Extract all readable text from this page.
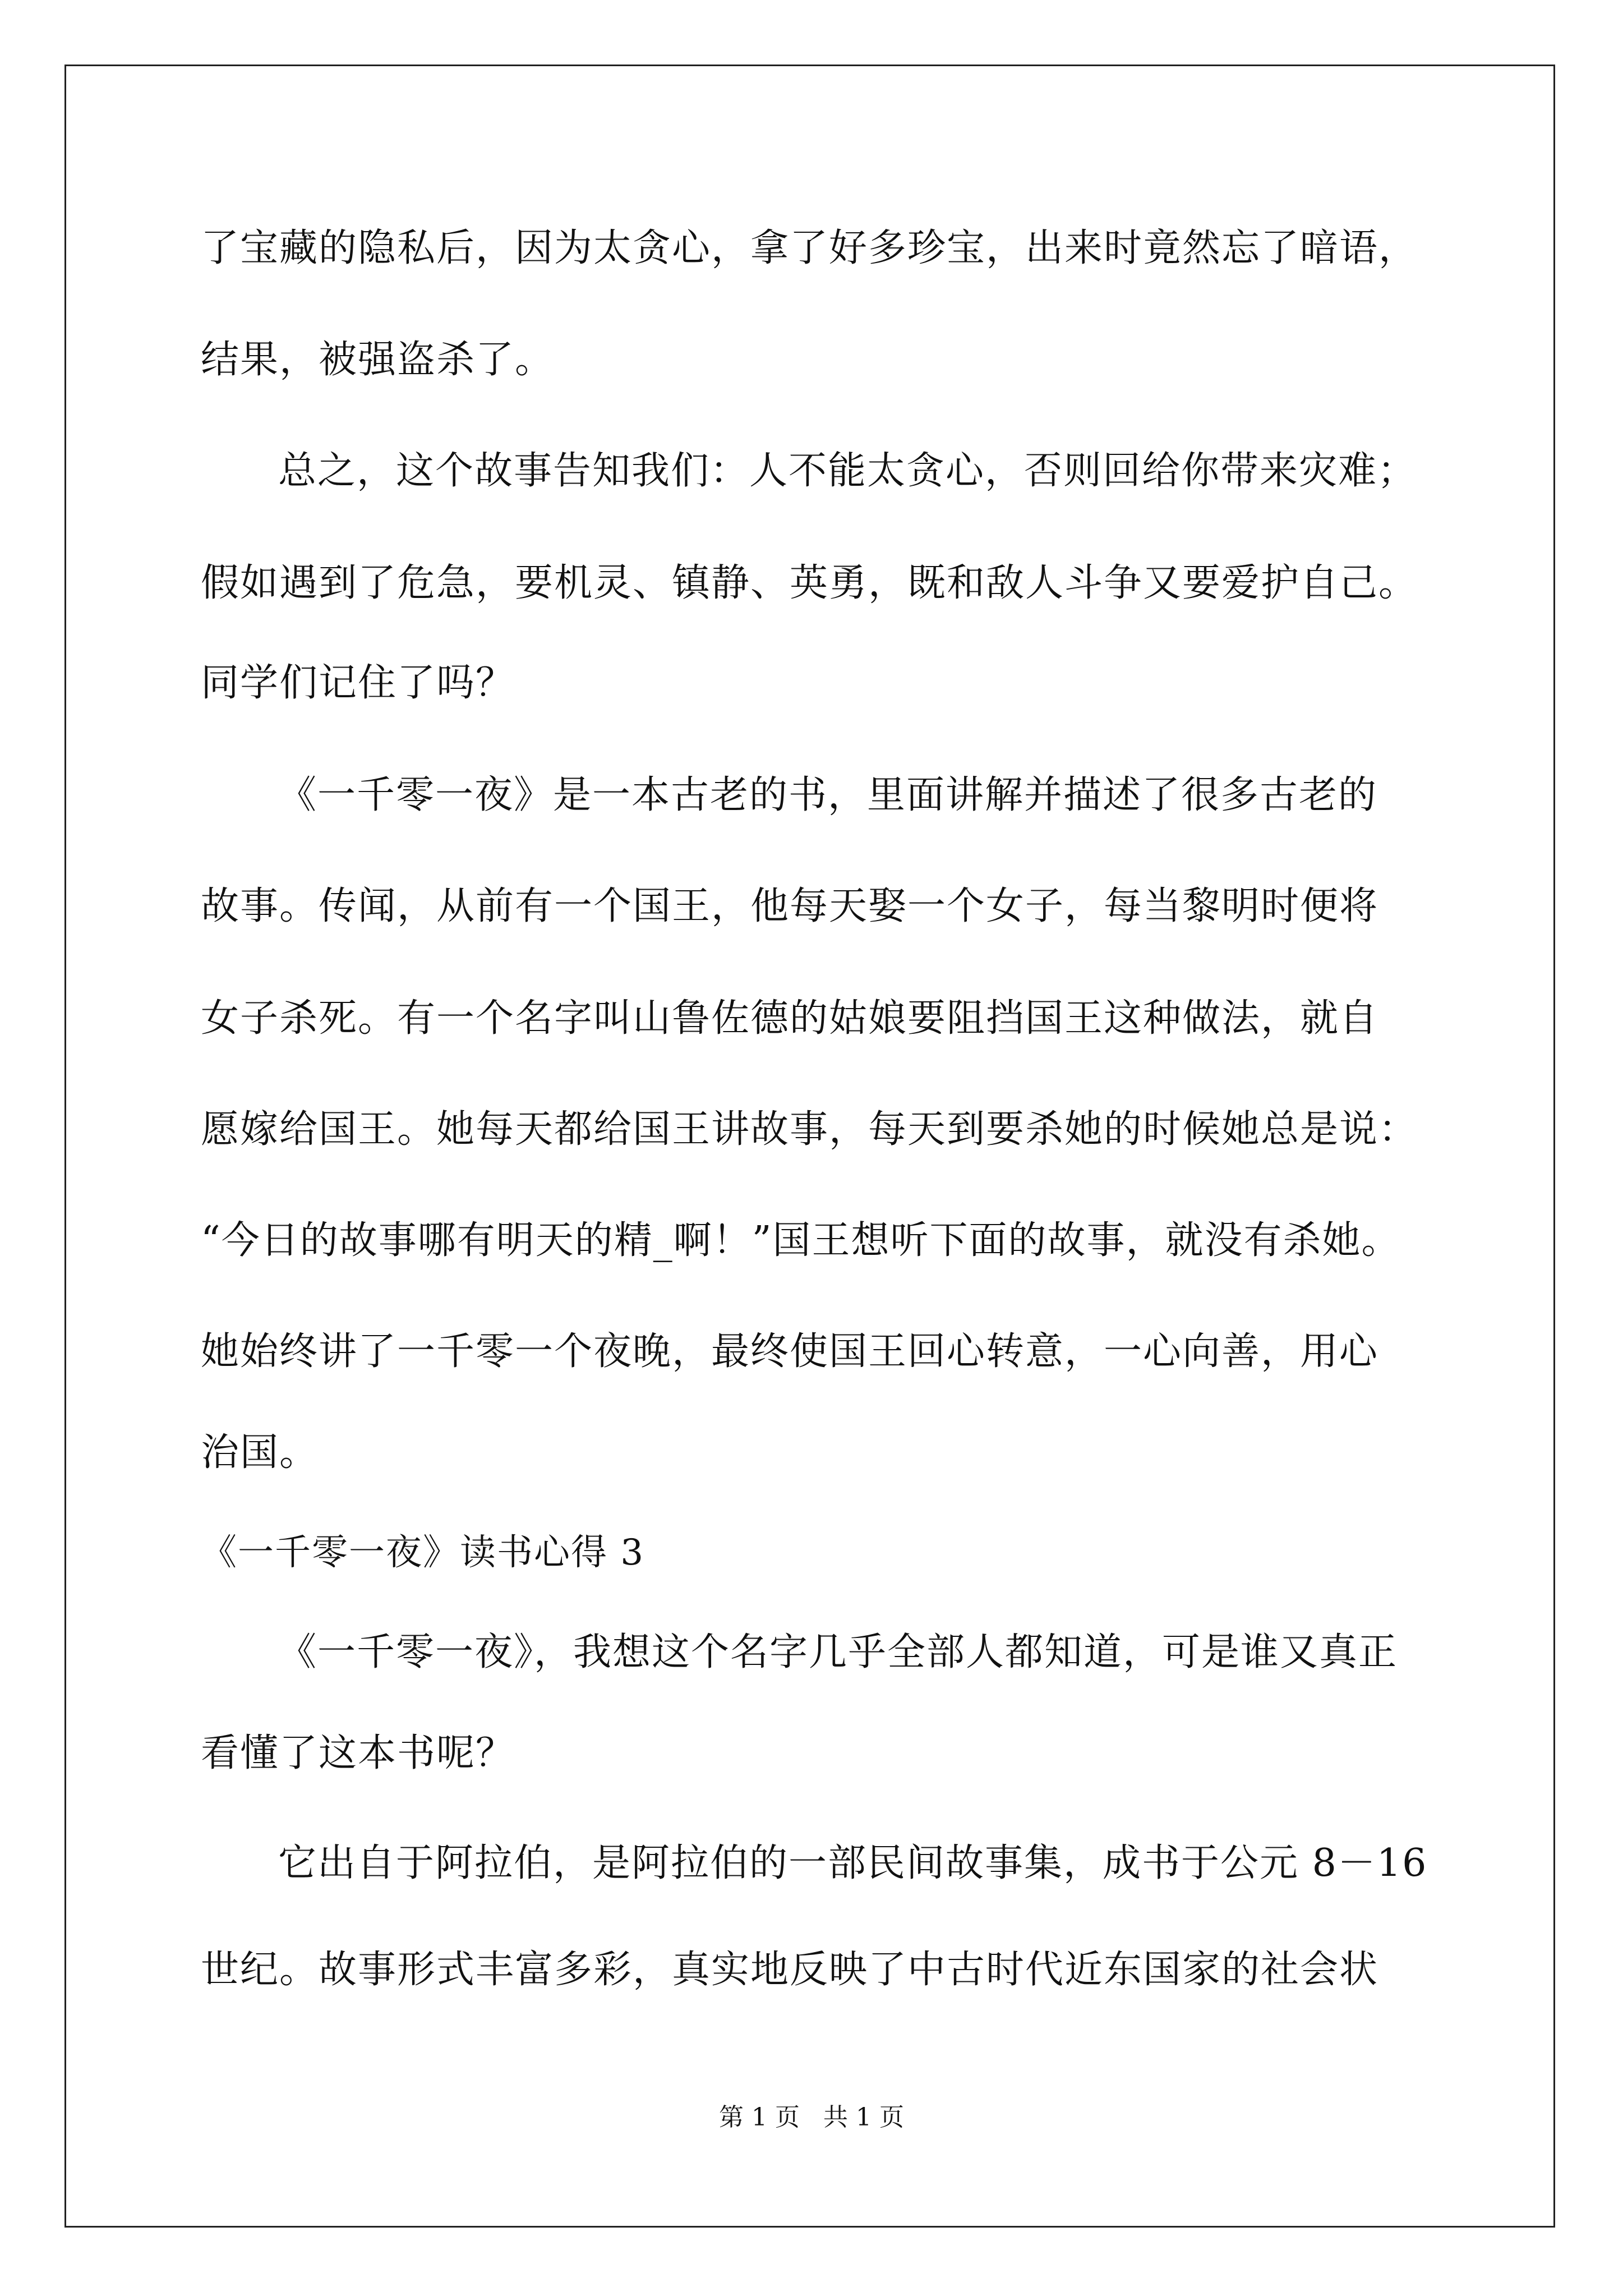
了宝藏的隐私后，因为太贪心，拿了好多珍宝，出来时竟然忘了暗语，
结果，被强盗杀了。
总之，这个故事告知我们：人不能太贪心，否则回给你带来灾难；
假如遇到了危急，要机灵、镇静、英勇，既和敌人斗争又要爱护自己。
同学们记住了吗？
《一千零一夜》是一本古老的书，里面讲解并描述了很多古老的
故事。传闻，从前有一个国王，他每天娶一个女子，每当黎明时便将
女子杀死。有一个名字叫山鲁佐德的姑娘要阻挡国王这种做法，就自
愿嫁给国王。她每天都给国王讲故事，每天到要杀她的时候她总是说：
“今日的故事哪有明天的精_啊！”国王想听下面的故事，就没有杀她。
她始终讲了一千零一个夜晚，最终使国王回心转意，一心向善，用心
治国。
《一千零一夜》读书心得 3
《一千零一夜》，我想这个名字几乎全部人都知道，可是谁又真正
看懂了这本书呢？
它出自于阿拉伯，是阿拉伯的一部民间故事集，成书于公元 8－16
世纪。故事形式丰富多彩，真实地反映了中古时代近东国家的社会状
第 1 页   共 1 页
